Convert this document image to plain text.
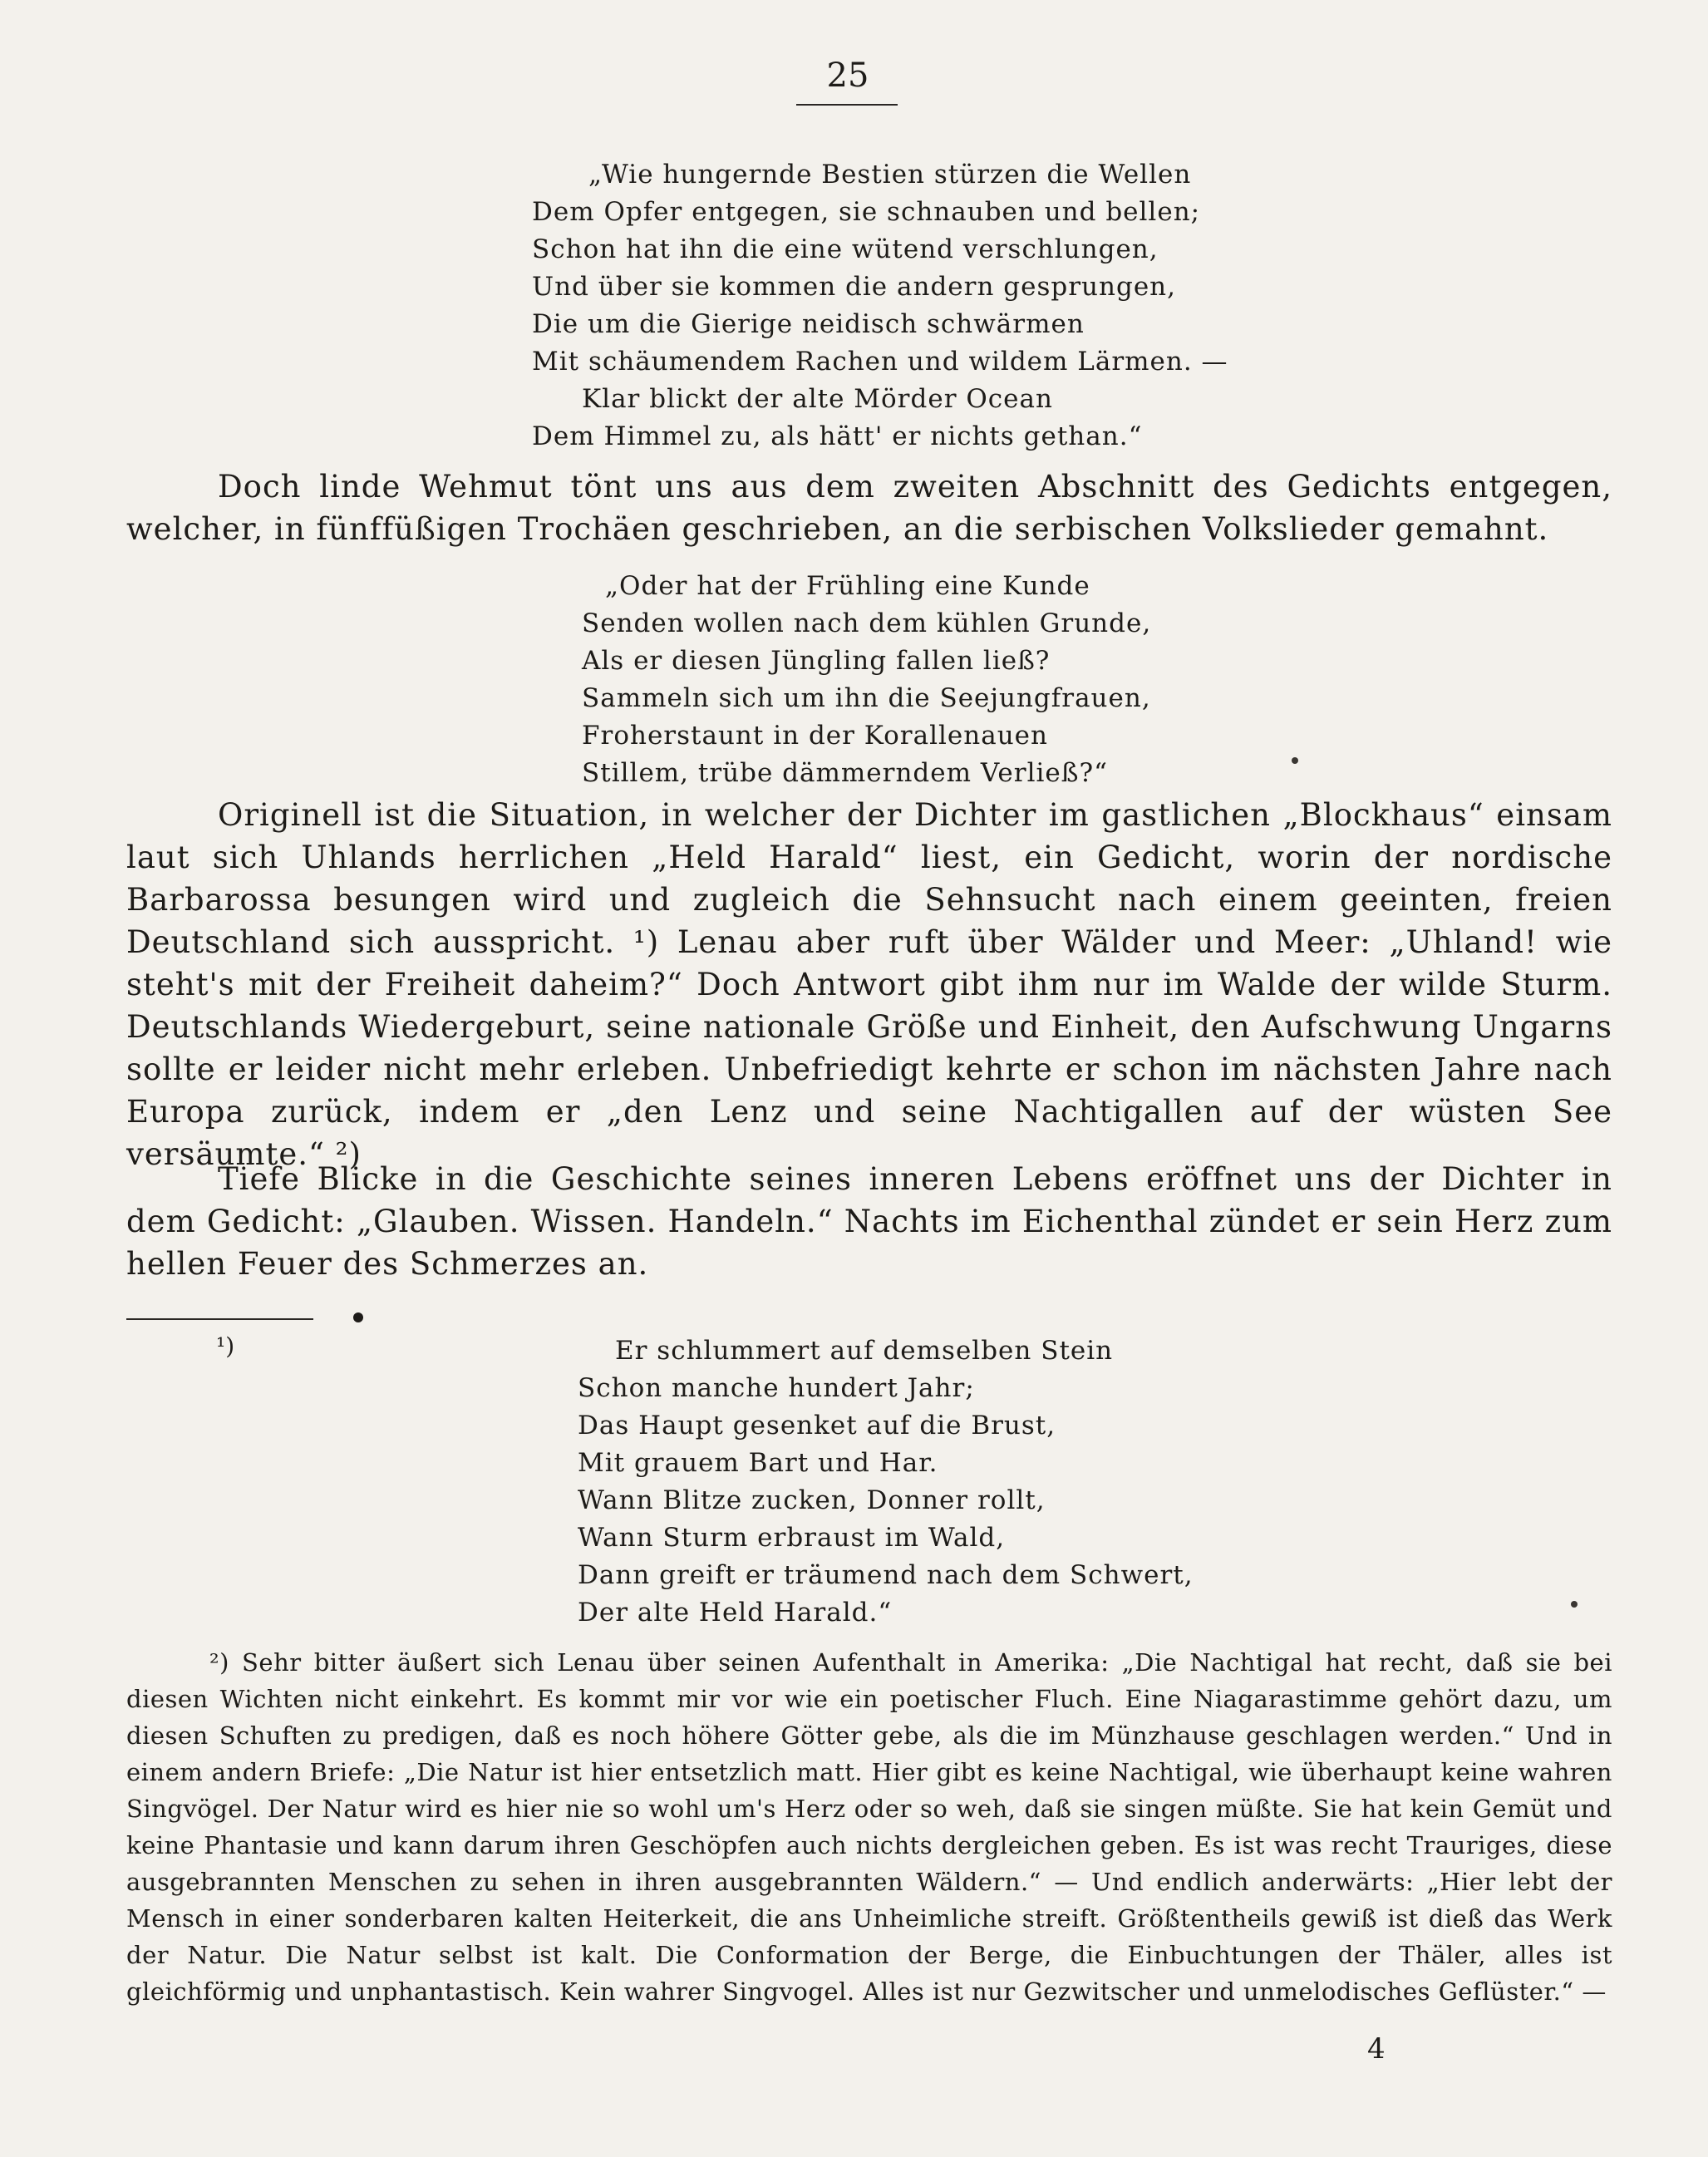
25
„Wie hungernde Bestien stürzen die Wellen
Dem Opfer entgegen, sie schnauben und bellen;
Schon hat ihn die eine wütend verschlungen,
Und über sie kommen die andern gesprungen,
Die um die Gierige neidisch schwärmen
Mit schäumendem Rachen und wildem Lärmen. —
Klar blickt der alte Mörder Ocean
Dem Himmel zu, als hätt' er nichts gethan.“
Doch linde Wehmut tönt uns aus dem zweiten Abschnitt des Gedichts entgegen, welcher, in fünffüßigen Trochäen geschrieben, an die serbischen Volkslieder gemahnt.
„Oder hat der Frühling eine Kunde
Senden wollen nach dem kühlen Grunde,
Als er diesen Jüngling fallen ließ?
Sammeln sich um ihn die Seejungfrauen,
Froherstaunt in der Korallenauen
Stillem, trübe dämmerndem Verließ?“
Originell ist die Situation, in welcher der Dichter im gastlichen „Blockhaus“ einsam laut sich Uhlands herrlichen „Held Harald“ liest, ein Gedicht, worin der nordische Barbarossa besungen wird und zugleich die Sehnsucht nach einem geeinten, freien Deutschland sich ausspricht. ¹) Lenau aber ruft über Wälder und Meer: „Uhland! wie steht's mit der Freiheit daheim?“ Doch Antwort gibt ihm nur im Walde der wilde Sturm. Deutschlands Wiedergeburt, seine nationale Größe und Einheit, den Aufschwung Ungarns sollte er leider nicht mehr erleben. Unbefriedigt kehrte er schon im nächsten Jahre nach Europa zurück, indem er „den Lenz und seine Nachtigallen auf der wüsten See versäumte.“ ²)
Tiefe Blicke in die Geschichte seines inneren Lebens eröffnet uns der Dichter in dem Gedicht: „Glauben. Wissen. Handeln.“ Nachts im Eichenthal zündet er sein Herz zum hellen Feuer des Schmerzes an.
¹)	Er schlummert auf demselben Stein
Schon manche hundert Jahr;
Das Haupt gesenket auf die Brust,
Mit grauem Bart und Har.
Wann Blitze zucken, Donner rollt,
Wann Sturm erbraust im Wald,
Dann greift er träumend nach dem Schwert,
Der alte Held Harald.“
²) Sehr bitter äußert sich Lenau über seinen Aufenthalt in Amerika: „Die Nachtigal hat recht, daß sie bei diesen Wichten nicht einkehrt. Es kommt mir vor wie ein poetischer Fluch. Eine Niagarastimme gehört dazu, um diesen Schuften zu predigen, daß es noch höhere Götter gebe, als die im Münzhause geschlagen werden.“ Und in einem andern Briefe: „Die Natur ist hier entsetzlich matt. Hier gibt es keine Nachtigal, wie überhaupt keine wahren Singvögel. Der Natur wird es hier nie so wohl um's Herz oder so weh, daß sie singen müßte. Sie hat kein Gemüt und keine Phantasie und kann darum ihren Geschöpfen auch nichts dergleichen geben. Es ist was recht Trauriges, diese ausgebrannten Menschen zu sehen in ihren ausgebrannten Wäldern.“ — Und endlich anderwärts: „Hier lebt der Mensch in einer sonderbaren kalten Heiterkeit, die ans Unheimliche streift. Größtentheils gewiß ist dieß das Werk der Natur. Die Natur selbst ist kalt. Die Conformation der Berge, die Einbuchtungen der Thäler, alles ist gleichförmig und unphantastisch. Kein wahrer Singvogel. Alles ist nur Gezwitscher und unmelodisches Geflüster.“ —
4
